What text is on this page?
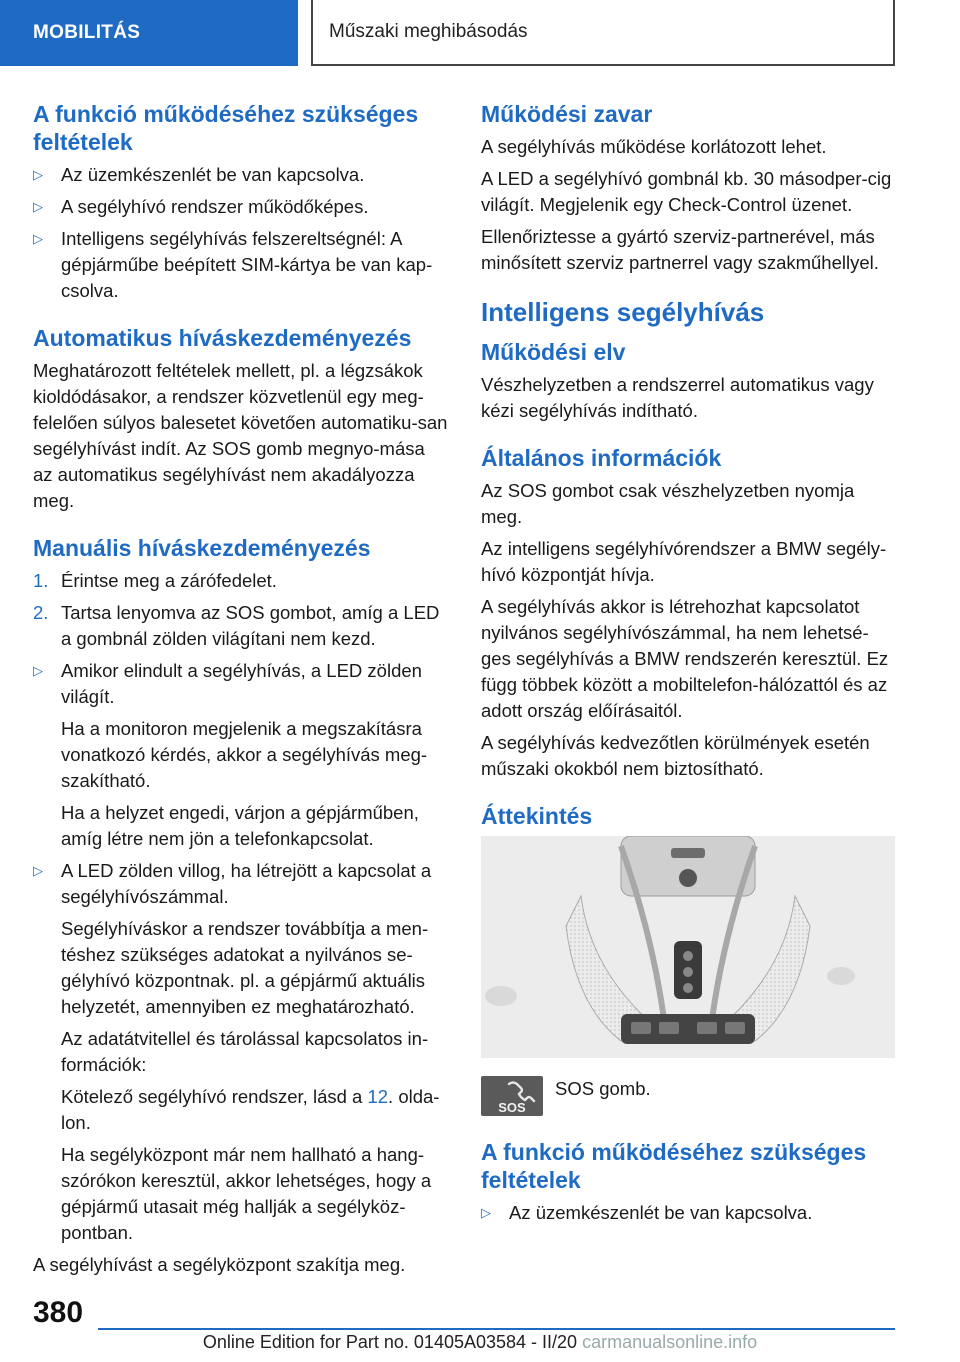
MOBILITÁS	Műszaki meghibásodás
A funkció működéséhez szükséges feltételek
▷ Az üzemkészenlét be van kapcsolva.
▷ A segélyhívó rendszer működőképes.
▷ Intelligens segélyhívás felszereltségnél: A gépjárműbe beépített SIM-kártya be van kap-csolva.
Automatikus híváskezdeményezés

Meghatározott feltételek mellett, pl. a légzsákok kioldódásakor, a rendszer közvetlenül egy meg-felelően súlyos balesetet követően automatiku-san segélyhívást indít. Az SOS gomb megnyo-mása az automatikus segélyhívást nem akadályozza meg.

Manuális híváskezdeményezés
1. Érintse meg a zárófedelet.
2. Tartsa lenyomva az SOS gombot, amíg a LED a gombnál zölden világítani nem kezd.
▷ Amikor elindult a segélyhívás, a LED zölden világít.

Ha a monitoron megjelenik a megszakításra vonatkozó kérdés, akkor a segélyhívás meg-szakítható.

Ha a helyzet engedi, várjon a gépjárműben, amíg létre nem jön a telefonkapcsolat.

▷ A LED zölden villog, ha létrejött a kapcsolat a segélyhívószámmal.

Segélyhíváskor a rendszer továbbítja a men-téshez szükséges adatokat a nyilvános se-gélyhívó központnak. pl. a gépjármű aktuális helyzetét, amennyiben ez meghatározható.

Az adatátvitellel és tárolással kapcsolatos in-formációk:

Kötelező segélyhívó rendszer, lásd a 12. olda-lon.

Ha segélyközpont már nem hallható a hang-szórókon keresztül, akkor lehetséges, hogy a gépjármű utasait még hallják a segélyköz-pontban.

A segélyhívást a segélyközpont szakítja meg.

Működési zavar

A segélyhívás működése korlátozott lehet.

A LED a segélyhívó gombnál kb. 30 másodper-cig világít. Megjelenik egy Check-Control üzenet.

Ellenőriztesse a gyártó szerviz-partnerével, más minősített szerviz partnerrel vagy szakműhellyel.

Intelligens segélyhívás
Működési elv

Vészhelyzetben a rendszerrel automatikus vagy kézi segélyhívás indítható.

Általános információk

Az SOS gombot csak vészhelyzetben nyomja meg.

Az intelligens segélyhívórendszer a BMW segély-hívó központját hívja.

A segélyhívás akkor is létrehozhat kapcsolatot nyilvános segélyhívószámmal, ha nem lehetsé-ges segélyhívás a BMW rendszerén keresztül. Ez függ többek között a mobiltelefon-hálózattól és az adott ország előírásaitól.

A segélyhívás kedvezőtlen körülmények esetén műszaki okokból nem biztosítható.

Áttekintés
SOS
SOS gomb.
A funkció működéséhez szükséges feltételek
▷ Az üzemkészenlét be van kapcsolva.
380
Online Edition for Part no. 01405A03584 - II/20 carmanualsonline.info
